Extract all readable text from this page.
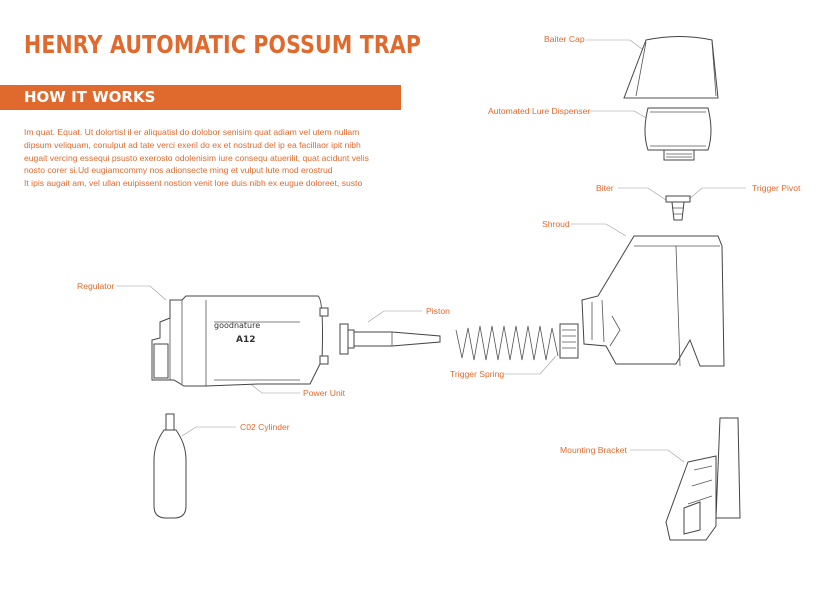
HENRY AUTOMATIC POSSUM TRAP
HOW IT WORKS
Im quat. Equat. Ut dolortisl il er aliquatisl do dolobor senisim quat adiam vel utem nullam
dipsum veliquam, conulput ad tate verci exeril do ex et nostrud del ip ea facillaor ipit nibh
eugait vercing essequi psusto exerosto odolenisim iure consequ atuerilit, quat acidunt velis
nosto corer si.Ud eugiamcommy nos adionsecte ming et vulput lute mod erostrud
It ipis augait am, vel ullan euipissent nostion venit lore duis nibh ex eugue doloreet, susto
goodnature
A12
Baiter Cap
Automated Lure Dispenser
Biter	Trigger Pivot
Shroud
Regulator
Piston
Power Unit
Trigger Spring
C02 Cylinder
Mounting Bracket
